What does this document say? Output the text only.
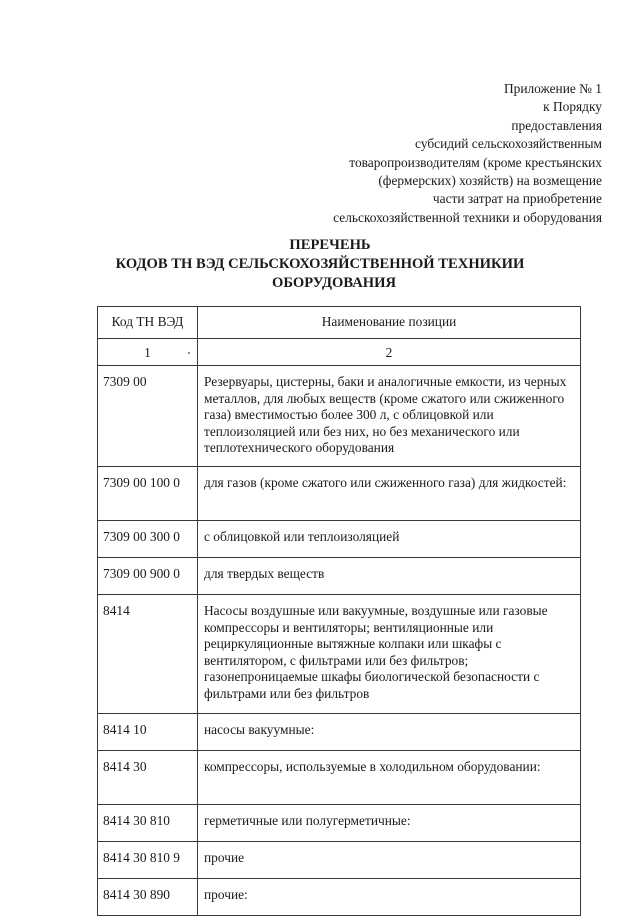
Приложение № 1
к Порядку
предоставления
субсидий сельскохозяйственным
товаропроизводителям (кроме крестьянских
(фермерских) хозяйств) на возмещение
части затрат на приобретение
сельскохозяйственной техники и оборудования
ПЕРЕЧЕНЬ
КОДОВ ТН ВЭД СЕЛЬСКОХОЗЯЙСТВЕННОЙ ТЕХНИКИИ
ОБОРУДОВАНИЯ
Код ТН ВЭД	Наименование позиции
1	2
7309 00	Резервуары, цистерны, баки и аналогичные емкости, из черных металлов, для любых веществ (кроме сжатого или сжиженного газа) вместимостью более 300 л, с облицовкой или теплоизоляцией или без них, но без механического или теплотехнического оборудования
7309 00 100 0	для газов (кроме сжатого или сжиженного газа) для жидкостей:
7309 00 300 0	с облицовкой или теплоизоляцией
7309 00 900 0	для твердых веществ
8414	Насосы воздушные или вакуумные, воздушные или газовые компрессоры и вентиляторы; вентиляционные или рециркуляционные вытяжные колпаки или шкафы с вентилятором, с фильтрами или без фильтров; газонепроницаемые шкафы биологической безопасности с фильтрами или без фильтров
8414 10	насосы вакуумные:
8414 30	компрессоры, используемые в холодильном оборудовании:
8414 30 810	герметичные или полугерметичные:
8414 30 810 9	прочие
8414 30 890	прочие:
